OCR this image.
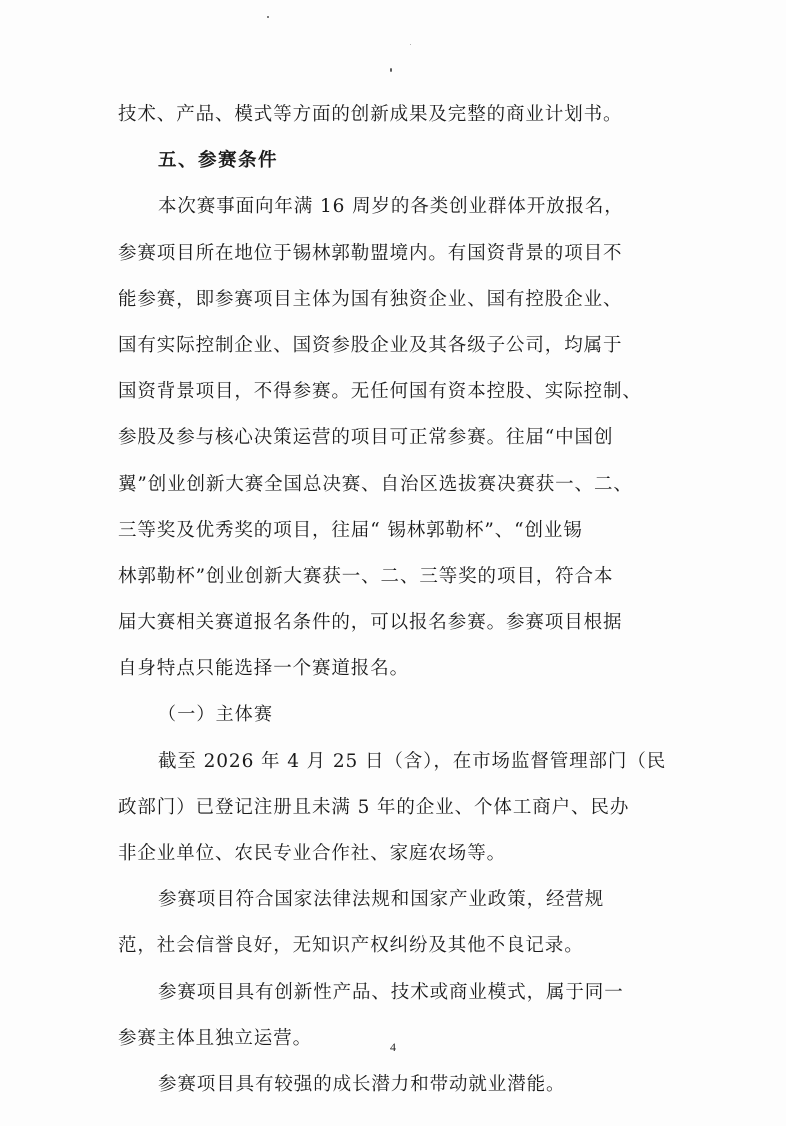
技术、产品、模式等方面的创新成果及完整的商业计划书。
五、参赛条件
本次赛事面向年满 16 周岁的各类创业群体开放报名，
参赛项目所在地位于锡林郭勒盟境内。有国资背景的项目不
能参赛，即参赛项目主体为国有独资企业、国有控股企业、
国有实际控制企业、国资参股企业及其各级子公司，均属于
国资背景项目，不得参赛。无任何国有资本控股、实际控制、
参股及参与核心决策运营的项目可正常参赛。往届“中国创
翼”创业创新大赛全国总决赛、自治区选拔赛决赛获一、二、
三等奖及优秀奖的项目，往届“ 锡林郭勒杯”、“创业锡
林郭勒杯”创业创新大赛获一、二、三等奖的项目，符合本
届大赛相关赛道报名条件的，可以报名参赛。参赛项目根据
自身特点只能选择一个赛道报名。
（一）主体赛
截至 2026 年 4 月 25 日（含），在市场监督管理部门（民
政部门）已登记注册且未满 5 年的企业、个体工商户、民办
非企业单位、农民专业合作社、家庭农场等。
参赛项目符合国家法律法规和国家产业政策，经营规
范，社会信誉良好，无知识产权纠纷及其他不良记录。
参赛项目具有创新性产品、技术或商业模式，属于同一
参赛主体且独立运营。
参赛项目具有较强的成长潜力和带动就业潜能。
4
